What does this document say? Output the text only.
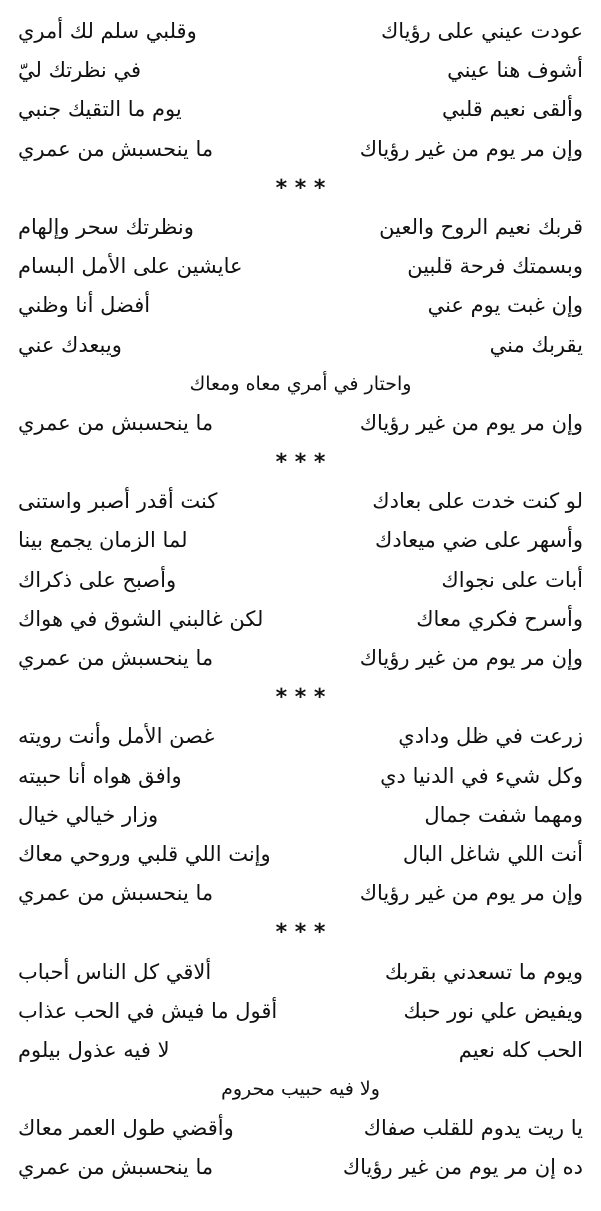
عودت عيني على رؤياك
وقلبي سلم لك أمري
أشوف هنا عيني
في نظرتك ليّ
وألقى نعيم قلبي
يوم ما التقيك جنبي
وإن مر يوم من غير رؤياك
ما ينحسبش من عمري
* * *
قربك نعيم الروح والعين
ونظرتك سحر وإلهام
وبسمتك فرحة قلبين
عايشين على الأمل البسام
وإن غبت يوم عني
أفضل أنا وظني
يقربك مني
ويبعدك عني
واحتار في أمري معاه ومعاك
وإن مر يوم من غير رؤياك
ما ينحسبش من عمري
* * *
لو كنت خدت على بعادك
كنت أقدر أصبر واستنى
وأسهر على ضي ميعادك
لما الزمان يجمع بينا
أبات على نجواك
وأصبح على ذكراك
وأسرح فكري معاك
لكن غالبني الشوق في هواك
وإن مر يوم من غير رؤياك
ما ينحسبش من عمري
* * *
زرعت في ظل ودادي
غصن الأمل وأنت رويته
وكل شيء في الدنيا دي
وافق هواه أنا حبيته
ومهما شفت جمال
وزار خيالي خيال
أنت اللي شاغل البال
وإنت اللي قلبي وروحي معاك
وإن مر يوم من غير رؤياك
ما ينحسبش من عمري
* * *
ويوم ما تسعدني بقربك
ألاقي كل الناس أحباب
ويفيض علي نور حبك
أقول ما فيش في الحب عذاب
الحب كله نعيم
لا فيه عذول بيلوم
ولا فيه حبيب محروم
يا ريت يدوم للقلب صفاك
وأقضي طول العمر معاك
ده إن مر يوم من غير رؤياك
ما ينحسبش من عمري
